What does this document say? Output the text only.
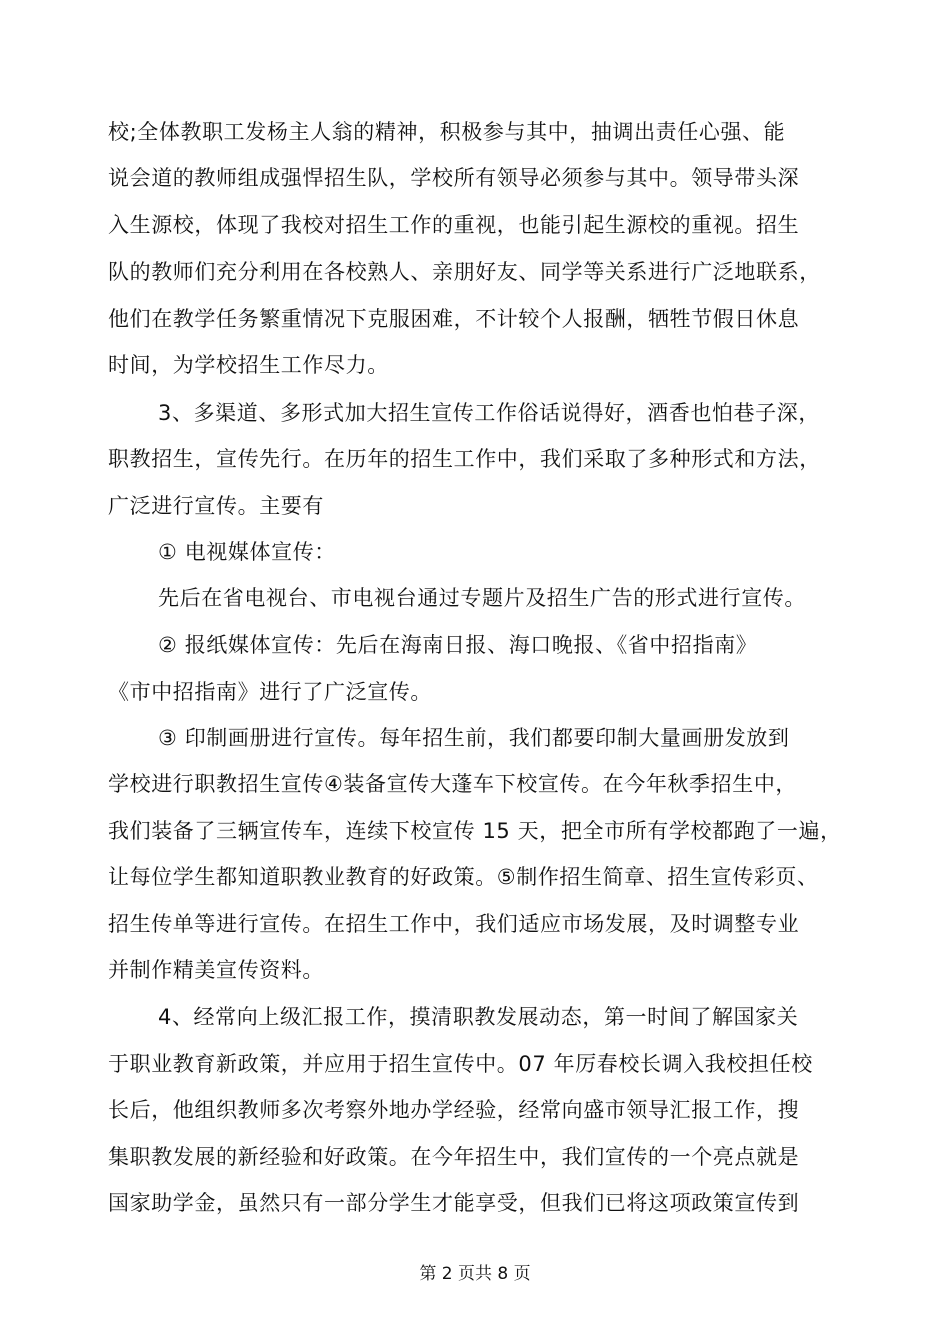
校;全体教职工发杨主人翁的精神，积极参与其中，抽调出责任心强、能
说会道的教师组成强悍招生队，学校所有领导必须参与其中。领导带头深
入生源校，体现了我校对招生工作的重视，也能引起生源校的重视。招生
队的教师们充分利用在各校熟人、亲朋好友、同学等关系进行广泛地联系，
他们在教学任务繁重情况下克服困难，不计较个人报酬，牺牲节假日休息
时间，为学校招生工作尽力。
3、多渠道、多形式加大招生宣传工作俗话说得好，酒香也怕巷子深，
职教招生，宣传先行。在历年的招生工作中，我们采取了多种形式和方法，
广泛进行宣传。主要有
① 电视媒体宣传：
先后在省电视台、市电视台通过专题片及招生广告的形式进行宣传。
② 报纸媒体宣传：先后在海南日报、海口晚报、《省中招指南》
《市中招指南》进行了广泛宣传。
③ 印制画册进行宣传。每年招生前，我们都要印制大量画册发放到
学校进行职教招生宣传④装备宣传大蓬车下校宣传。在今年秋季招生中，
我们装备了三辆宣传车，连续下校宣传 15 天，把全市所有学校都跑了一遍，
让每位学生都知道职教业教育的好政策。⑤制作招生简章、招生宣传彩页、
招生传单等进行宣传。在招生工作中，我们适应市场发展，及时调整专业
并制作精美宣传资料。
4、经常向上级汇报工作，摸清职教发展动态，第一时间了解国家关
于职业教育新政策，并应用于招生宣传中。07 年厉春校长调入我校担任校
长后，他组织教师多次考察外地办学经验，经常向盛市领导汇报工作，搜
集职教发展的新经验和好政策。在今年招生中，我们宣传的一个亮点就是
国家助学金，虽然只有一部分学生才能享受，但我们已将这项政策宣传到
第 2 页共 8 页
